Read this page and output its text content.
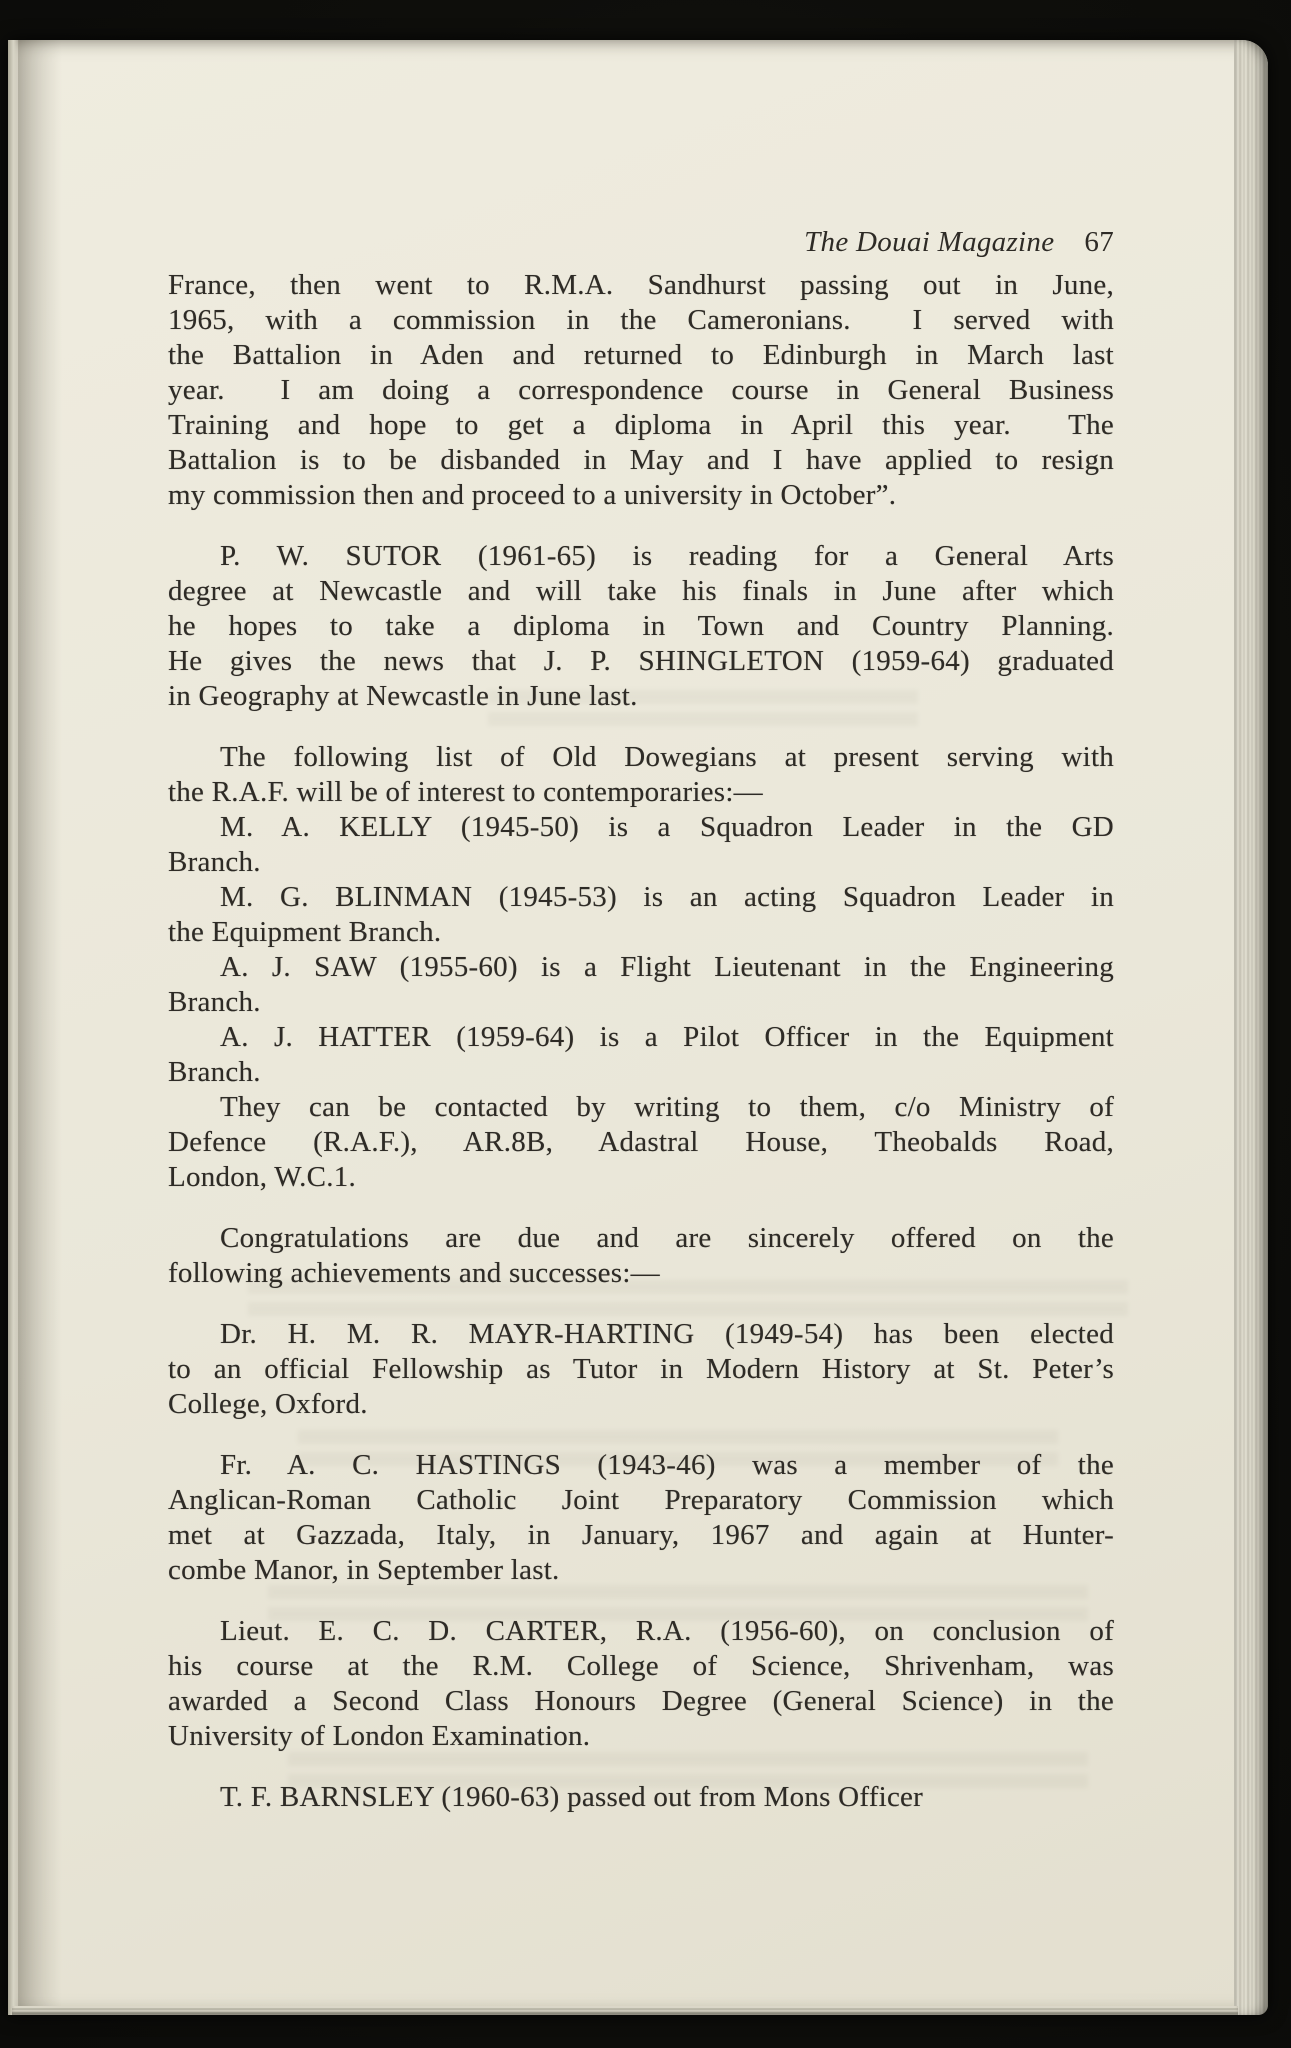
The Douai Magazine 67

France, then went to R.M.A. Sandhurst passing out in June,
1965, with a commission in the Cameronians.  I served with
the Battalion in Aden and returned to Edinburgh in March last
year.  I am doing a correspondence course in General Business
Training and hope to get a diploma in April this year.  The
Battalion is to be disbanded in May and I have applied to resign
my commission then and proceed to a university in October”.
P. W. SUTOR (1961-65) is reading for a General Arts
degree at Newcastle and will take his finals in June after which
he hopes to take a diploma in Town and Country Planning.
He gives the news that J. P. SHINGLETON (1959-64) graduated
in Geography at Newcastle in June last.
The following list of Old Dowegians at present serving with
the R.A.F. will be of interest to contemporaries:—
M. A. KELLY (1945-50) is a Squadron Leader in the GD
Branch.
M. G. BLINMAN (1945-53) is an acting Squadron Leader in
the Equipment Branch.
A. J. SAW (1955-60) is a Flight Lieutenant in the Engineering
Branch.
A. J. HATTER (1959-64) is a Pilot Officer in the Equipment
Branch.
They can be contacted by writing to them, c/o Ministry of
Defence (R.A.F.), AR.8B, Adastral House, Theobalds Road,
London, W.C.1.
Congratulations are due and are sincerely offered on the
following achievements and successes:—
Dr. H. M. R. MAYR-HARTING (1949-54) has been elected
to an official Fellowship as Tutor in Modern History at St. Peter’s
College, Oxford.
Fr. A. C. HASTINGS (1943-46) was a member of the
Anglican-Roman Catholic Joint Preparatory Commission which
met at Gazzada, Italy, in January, 1967 and again at Hunter-
combe Manor, in September last.
Lieut. E. C. D. CARTER, R.A. (1956-60), on conclusion of
his course at the R.M. College of Science, Shrivenham, was
awarded a Second Class Honours Degree (General Science) in the
University of London Examination.
T. F. BARNSLEY (1960-63) passed out from Mons Officer
